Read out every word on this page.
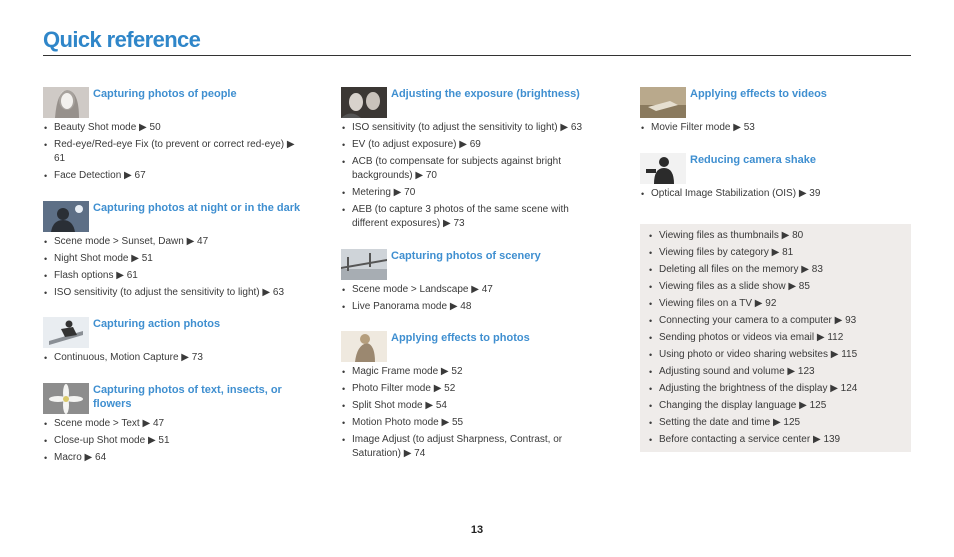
Quick reference
Capturing photos of people
• Beauty Shot mode ▶ 50
• Red-eye/Red-eye Fix (to prevent or correct red-eye) ▶ 61
• Face Detection ▶ 67
Capturing photos at night or in the dark
• Scene mode > Sunset, Dawn ▶ 47
• Night Shot mode ▶ 51
• Flash options ▶ 61
• ISO sensitivity (to adjust the sensitivity to light) ▶ 63
Capturing action photos
• Continuous, Motion Capture ▶ 73
Capturing photos of text, insects, or flowers
• Scene mode > Text ▶ 47
• Close-up Shot mode ▶ 51
• Macro ▶ 64
Adjusting the exposure (brightness)
• ISO sensitivity (to adjust the sensitivity to light) ▶ 63
• EV (to adjust exposure) ▶ 69
• ACB (to compensate for subjects against bright backgrounds) ▶ 70
• Metering ▶ 70
• AEB (to capture 3 photos of the same scene with different exposures) ▶ 73
Capturing photos of scenery
• Scene mode > Landscape ▶ 47
• Live Panorama mode ▶ 48
Applying effects to photos
• Magic Frame mode ▶ 52
• Photo Filter mode ▶ 52
• Split Shot mode ▶ 54
• Motion Photo mode ▶ 55
• Image Adjust (to adjust Sharpness, Contrast, or Saturation) ▶ 74
Applying effects to videos
• Movie Filter mode ▶ 53
Reducing camera shake
• Optical Image Stabilization (OIS) ▶ 39
• Viewing files as thumbnails ▶ 80
• Viewing files by category ▶ 81
• Deleting all files on the memory ▶ 83
• Viewing files as a slide show ▶ 85
• Viewing files on a TV ▶ 92
• Connecting your camera to a computer ▶ 93
• Sending photos or videos via email ▶ 112
• Using photo or video sharing websites ▶ 115
• Adjusting sound and volume ▶ 123
• Adjusting the brightness of the display ▶ 124
• Changing the display language ▶ 125
• Setting the date and time ▶ 125
• Before contacting a service center ▶ 139
13
